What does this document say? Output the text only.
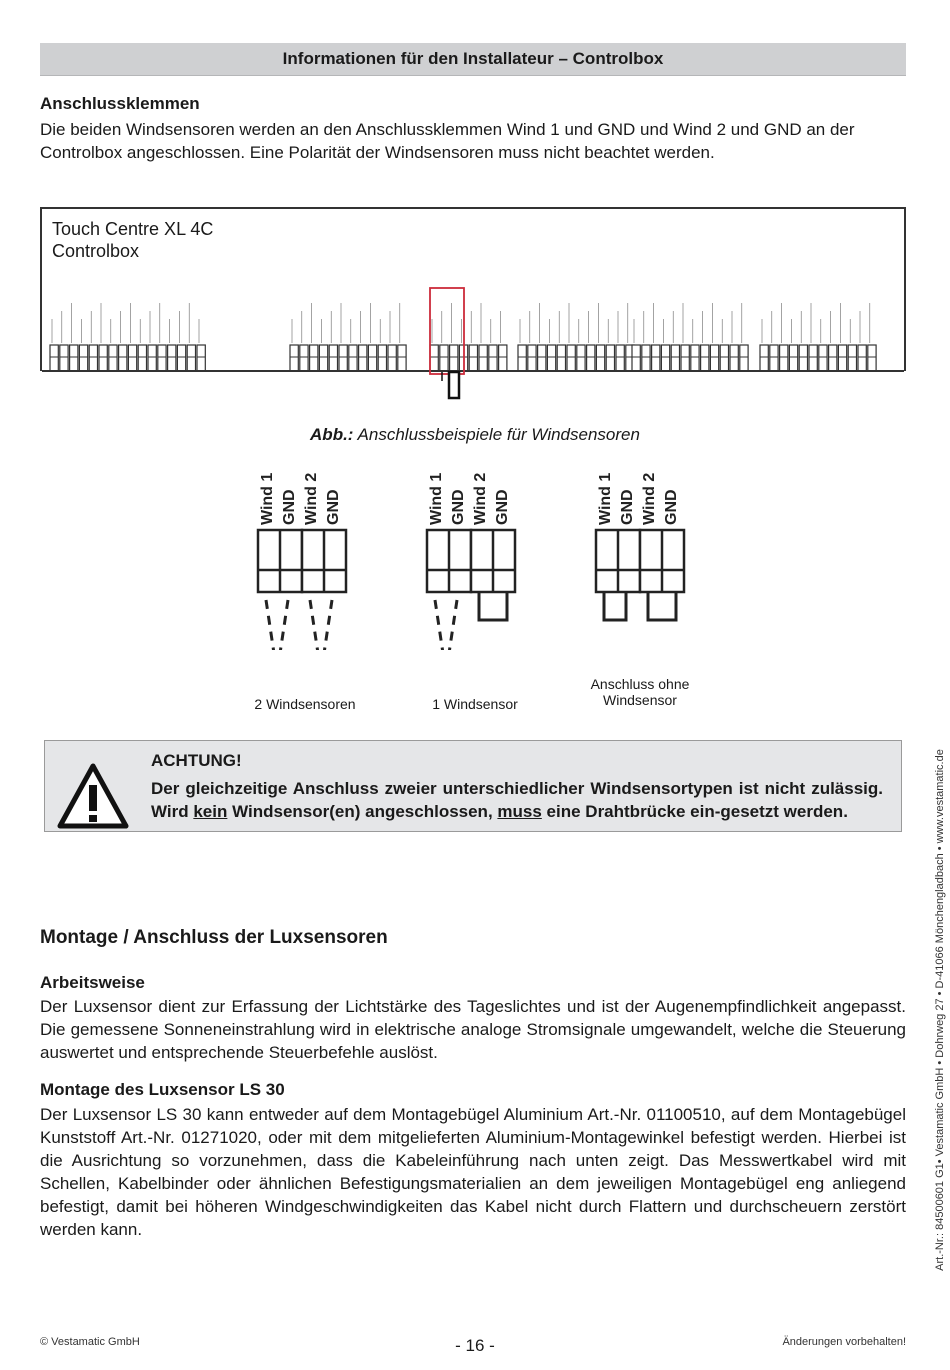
Informationen für den Installateur – Controlbox
Anschlussklemmen
Die beiden Windsensoren werden an den Anschlussklemmen Wind 1 und GND und Wind 2 und GND an der Controlbox angeschlossen. Eine Polarität der Windsensoren muss nicht beachtet werden.
Touch Centre XL 4C
Controlbox
Abb.: Anschlussbeispiele für Windsensoren
Wind 1 GND Wind 2 GND	Wind 1 GND Wind 2 GND	Wind 1 GND Wind 2 GND
2 Windsensoren	1 Windsensor
Anschluss ohne
Windsensor
ACHTUNG!
Der gleichzeitige Anschluss zweier unterschiedlicher Windsensortypen ist nicht zulässig. Wird kein Windsensor(en) angeschlossen, muss eine Drahtbrücke ein-gesetzt werden.
Montage / Anschluss der Luxsensoren
Arbeitsweise
Der Luxsensor dient zur Erfassung der Lichtstärke des Tageslichtes und ist der Augenempfindlichkeit angepasst. Die gemessene Sonneneinstrahlung wird in elektrische analoge Stromsignale umgewandelt, welche die Steuerung auswertet und entsprechende Steuerbefehle auslöst.
Montage des Luxsensor LS 30
Der Luxsensor LS 30 kann entweder auf dem Montagebügel Aluminium Art.-Nr. 01100510, auf dem Montagebügel Kunststoff Art.-Nr. 01271020, oder mit dem mitgelieferten Aluminium-Montagewinkel befestigt werden. Hierbei ist die Ausrichtung so vorzunehmen, dass die Kabeleinführung nach unten zeigt. Das Messwertkabel wird mit Schellen, Kabelbinder oder ähnlichen Befestigungsmaterialien an dem jeweiligen Montagebügel eng anliegend befestigt, damit bei höheren Windgeschwindigkeiten das Kabel nicht durch Flattern und durchscheuern zerstört werden kann.	Art.-Nr.: 84500601 G1• Vestamatic GmbH • Dohrweg 27 • D-41066 Mönchengladbach • www.vestamatic.de
© Vestamatic GmbH	- 16 -	Änderungen vorbehalten!
